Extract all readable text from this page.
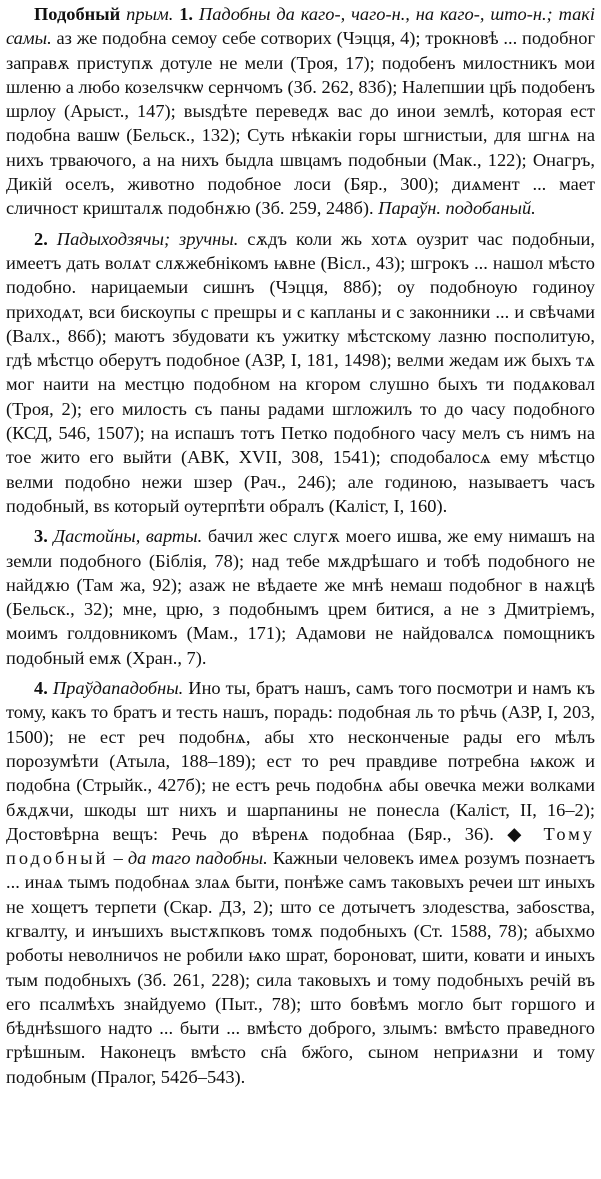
Подобный прым. 1. Падобны да каго-, чаго-н., на каго-, што-н.; такі самы. аз же подобна семоу себе сотворих (Чэцця, 4); трокновѣ ... подобног заправѫ приступѫ дотуле не мели (Троя, 17); подобенъ милостникъ мои шленю а любо козелѕчкѡ сернчомъ (Зб. 262, 83б); Налепшии цр҃ь подобенъ шрлоу (Арыст., 147); выѕдѣте переведѫ вас до инои землѣ, которая ест подобна вашѡ (Бельск., 132); Суть нѣкакіи горы шгнистыи, для шгнѧ на нихъ трваючого, а на нихъ быдла швцамъ подобныи (Мак., 122); Онагръ, Дикій оселъ, животно подобное лоси (Бяр., 300); диѧмент ... мает сличност кришталѫ подобнѫю (Зб. 259, 248б). Параўн. подобаный.

2. Падыходзячы; зручны. сѫдъ коли жь хотѧ оузрит час подобныи, имеетъ дать волѧт слѫжебнікомъ ѩвне (Вісл., 43); шгрокъ ... нашол мѣсто подобно. нарицаемыи сишнъ (Чэцця, 88б); оу подобноую годиноу приходѧт, вси бискоупы с прешры и с капланы и с законники ... и свѣчами (Валх., 86б); маютъ збудовати къ ужитку мѣстскому лазню посполитую, гдѣ мѣстцо оберутъ подобное (АЗР, І, 181, 1498); велми жедам иж быхъ тѧ мог наити на местцю подобном на кгором слушно быхъ ти подѧковал (Троя, 2); его милость съ паны радами шгложилъ то до часу подобного (КСД, 546, 1507); на испашъ тотъ Петко подобного часу мелъ съ нимъ на тое жито его выйти (АВК, XVII, 308, 1541); сподобалосѧ ему мѣстцо велми подобно нежи шзер (Рач., 246); але годиною, называетъ часъ подобный, вѕ который оутерпѣти обралъ (Каліст, І, 160).

3. Дастойны, варты. бачил жес слугѫ моего ишва, же ему нимашъ на земли подобного (Біблія, 78); над тебе мѫдрѣшаго и тобѣ подобного не найдѫю (Там жа, 92); азаж не вѣдаете же мнѣ немаш подобног в наѫцѣ (Бельск., 32); мне, црю, з подобнымъ црем битися, а не з Дмитріемъ, моимъ голдовникомъ (Мам., 171); Адамови не найдовалсѧ помощникъ подобный емѫ (Хран., 7).

4. Праўдападобны. Ино ты, братъ нашъ, самъ того посмотри и намъ къ тому, какъ то братъ и тесть нашъ, порадь: подобная ль то рѣчь (АЗР, І, 203, 1500); не ест реч подобнѧ, абы хто несконченые рады его мѣлъ порозумѣти (Атыла, 188–189); ест то реч правдиве потребна ѩкож и подобна (Стрыйк., 427б); не естъ речь подобнѧ абы овечка межи волками бѫдѫчи, шкоды шт нихъ и шарпанины не понесла (Каліст, ІІ, 16–2); Достовѣрна вещъ: Речь до вѣренѧ подобнаа (Бяр., 36). ◆ Тому подобный – да таго падобны. Кажныи человекъ имеѧ розумъ познаетъ ... инаѧ тымъ подобнаѧ злаѧ быти, понѣже самъ таковыхъ речеи шт иныхъ не хощетъ терпети (Скар. ДЗ, 2); што се дотычетъ злодеѕства, забоѕства, кгвалту, и инъшихъ выстѫпковъ томѫ подобныхъ (Ст. 1588, 78); абыхмо роботы неволничоѕ не робили ѩко шрат, бороноват, шити, ковати и иныхъ тым подобныхъ (Зб. 261, 228); сила таковыхъ и тому подобныхъ речій въ его псалмѣхъ знайдуемо (Пыт., 78); што бовѣмъ могло быт горшого и бѣднѣѕшого надто ... быти ... вмѣсто доброго, злымъ: вмѣсто праведного грѣшным. Наконецъ вмѣсто сн҃а бж҃ого, сыном неприѧзни и тому подобным (Пралог, 542б–543).
